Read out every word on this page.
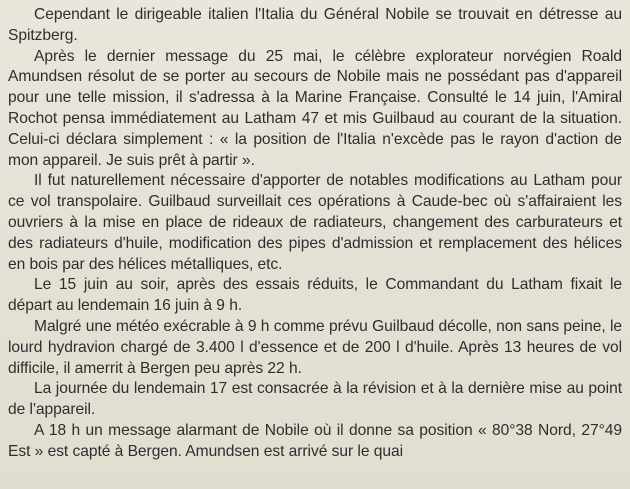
Cependant le dirigeable italien l'Italia du Général Nobile se trouvait en détresse au Spitzberg.

Après le dernier message du 25 mai, le célèbre explorateur norvégien Roald Amundsen résolut de se porter au secours de Nobile mais ne possédant pas d'appareil pour une telle mission, il s'adressa à la Marine Française. Consulté le 14 juin, l'Amiral Rochot pensa immédiatement au Latham 47 et mis Guilbaud au courant de la situation. Celui-ci déclara simplement : « la position de l'Italia n'excède pas le rayon d'action de mon appareil. Je suis prêt à partir ».

Il fut naturellement nécessaire d'apporter de notables modifications au Latham pour ce vol transpolaire. Guilbaud surveillait ces opérations à Caude-bec où s'affairaient les ouvriers à la mise en place de rideaux de radiateurs, changement des carburateurs et des radiateurs d'huile, modification des pipes d'admission et remplacement des hélices en bois par des hélices métalliques, etc.

Le 15 juin au soir, après des essais réduits, le Commandant du Latham fixait le départ au lendemain 16 juin à 9 h.

Malgré une météo exécrable à 9 h comme prévu Guilbaud décolle, non sans peine, le lourd hydravion chargé de 3.400 l d'essence et de 200 l d'huile. Après 13 heures de vol difficile, il amerrit à Bergen peu après 22 h.

La journée du lendemain 17 est consacrée à la révision et à la dernière mise au point de l'appareil.

A 18 h un message alarmant de Nobile où il donne sa position « 80°38 Nord, 27°49 Est » est capté à Bergen. Amundsen est arrivé sur le quai
